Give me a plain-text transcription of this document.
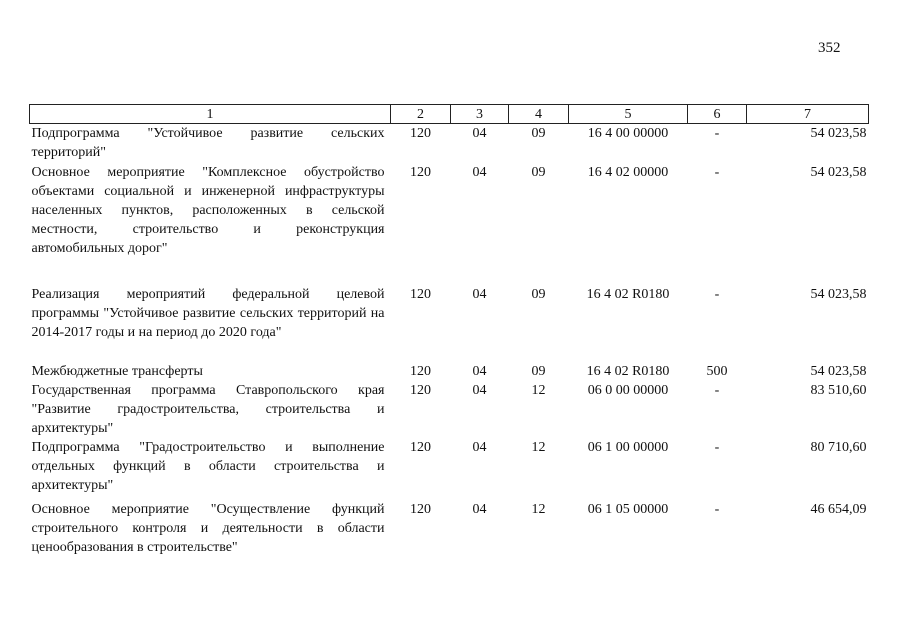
352
1	2	3	4	5	6	7
Подпрограмма "Устойчивое развитие сельских территорий"	120	04	09	16 4 00 00000	-	54 023,58
Основное мероприятие "Комплексное обустройство объектами социальной и инженерной инфраструктуры населенных пунктов, расположенных в сельской местности, строительство и реконструкция автомобильных дорог"	120	04	09	16 4 02 00000	-	54 023,58
Реализация мероприятий федеральной целевой программы "Устойчивое развитие сельских территорий на 2014-2017 годы и на период до 2020 года"	120	04	09	16 4 02 R0180	-	54 023,58
Межбюджетные трансферты	120	04	09	16 4 02 R0180	500	54 023,58
Государственная программа Ставропольского края "Развитие градостроительства, строительства и архитектуры"	120	04	12	06 0 00 00000	-	83 510,60
Подпрограмма "Градостроительство и выполнение отдельных функций в области строительства и архитектуры"	120	04	12	06 1 00 00000	-	80 710,60
Основное мероприятие "Осуществление функций строительного контроля и деятельности в области ценообразования в строительстве"	120	04	12	06 1 05 00000	-	46 654,09
